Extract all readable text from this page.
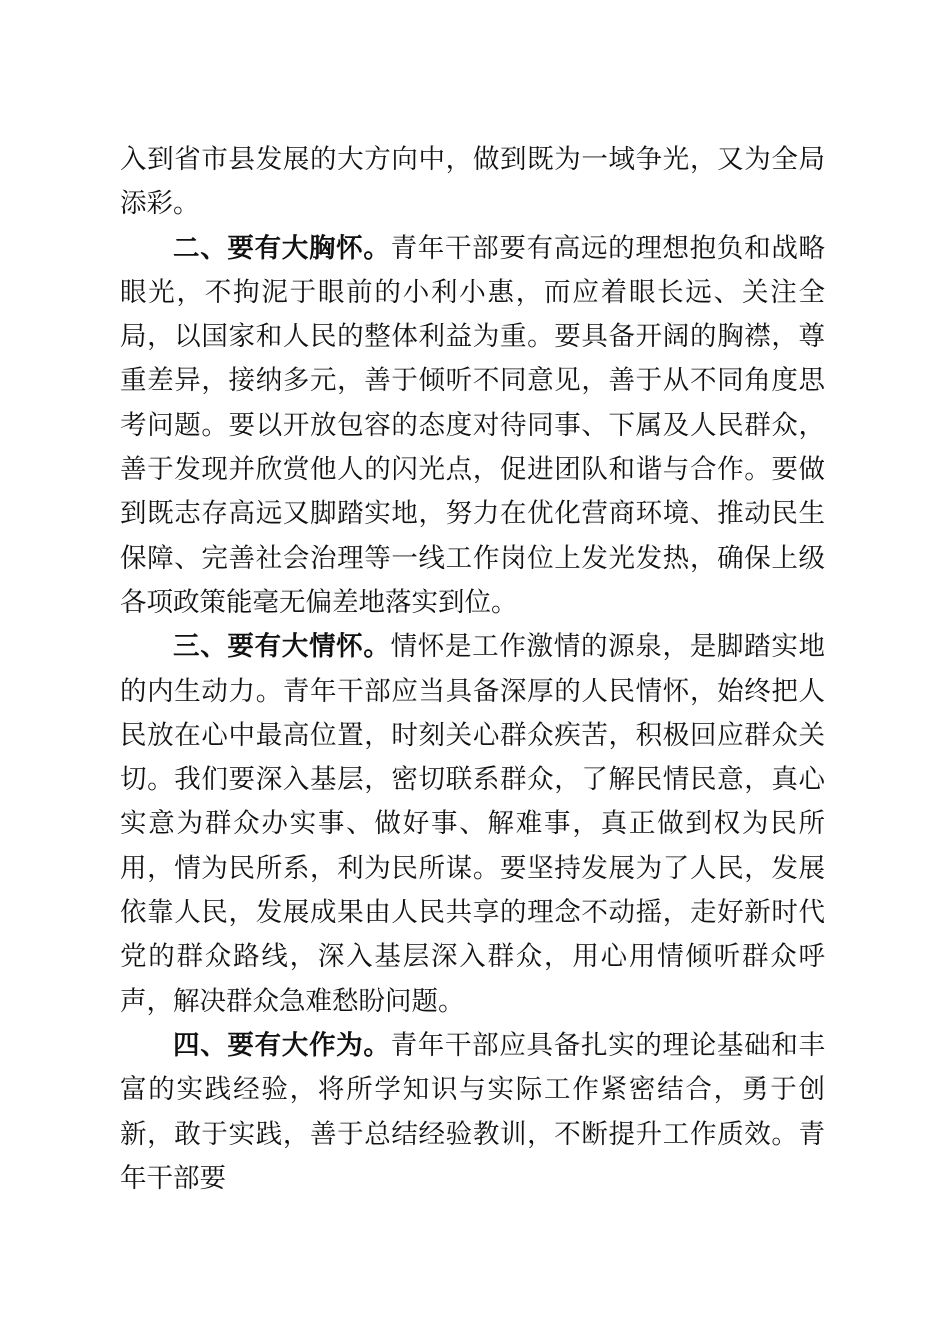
入到省市县发展的大方向中，做到既为一域争光，又为全局添彩。

二、要有大胸怀。青年干部要有高远的理想抱负和战略眼光，不拘泥于眼前的小利小惠，而应着眼长远、关注全局，以国家和人民的整体利益为重。要具备开阔的胸襟，尊重差异，接纳多元，善于倾听不同意见，善于从不同角度思考问题。要以开放包容的态度对待同事、下属及人民群众，善于发现并欣赏他人的闪光点，促进团队和谐与合作。要做到既志存高远又脚踏实地，努力在优化营商环境、推动民生保障、完善社会治理等一线工作岗位上发光发热，确保上级各项政策能毫无偏差地落实到位。

三、要有大情怀。情怀是工作激情的源泉，是脚踏实地的内生动力。青年干部应当具备深厚的人民情怀，始终把人民放在心中最高位置，时刻关心群众疾苦，积极回应群众关切。我们要深入基层，密切联系群众，了解民情民意，真心实意为群众办实事、做好事、解难事，真正做到权为民所用，情为民所系，利为民所谋。要坚持发展为了人民，发展依靠人民，发展成果由人民共享的理念不动摇，走好新时代党的群众路线，深入基层深入群众，用心用情倾听群众呼声，解决群众急难愁盼问题。

四、要有大作为。青年干部应具备扎实的理论基础和丰富的实践经验，将所学知识与实际工作紧密结合，勇于创新，敢于实践，善于总结经验教训，不断提升工作质效。青年干部要
